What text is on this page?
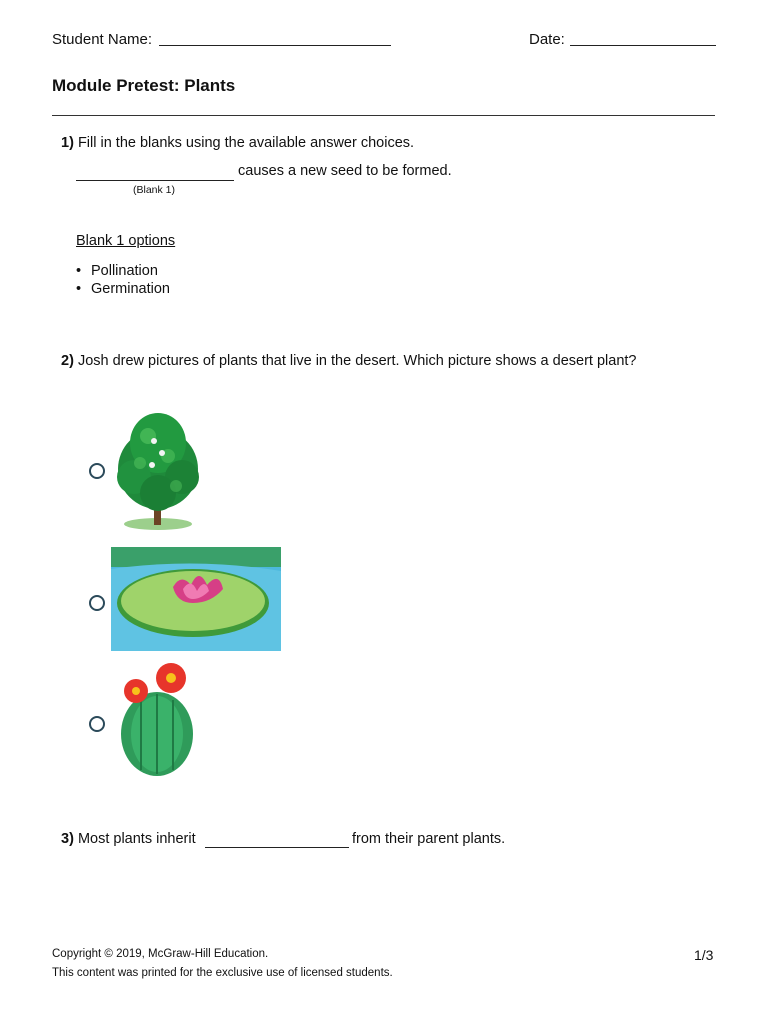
Student Name:	Date:
Module Pretest: Plants
1) Fill in the blanks using the available answer choices.
causes a new seed to be formed.
(Blank 1)
Blank 1 options
• Pollination
• Germination
2) Josh drew pictures of plants that live in the desert. Which picture shows a desert plant?
3) Most plants inherit	from their parent plants.
Copyright © 2019, McGraw-Hill Education.
This content was printed for the exclusive use of licensed students.
1/3
